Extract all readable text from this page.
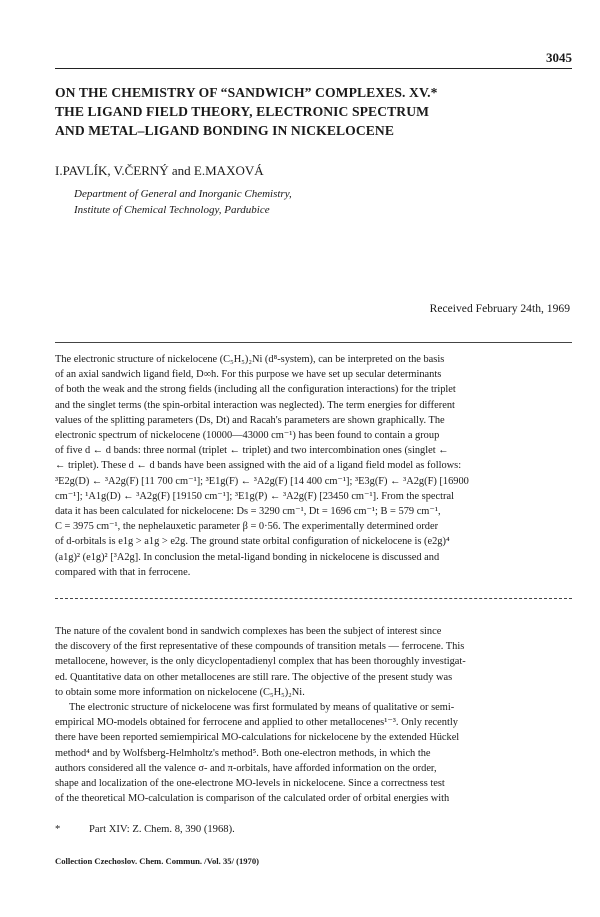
3045
ON THE CHEMISTRY OF “SANDWICH” COMPLEXES. XV.*
THE LIGAND FIELD THEORY, ELECTRONIC SPECTRUM
AND METAL–LIGAND BONDING IN NICKELOCENE
I.PAVLÍK, V.ČERNÝ and E.MAXOVÁ
Department of General and Inorganic Chemistry,
Institute of Chemical Technology, Pardubice
Received February 24th, 1969
The electronic structure of nickelocene (C₅H₅)₂Ni (d⁸-system), can be interpreted on the basis
of an axial sandwich ligand field, D∞h. For this purpose we have set up secular determinants
of both the weak and the strong fields (including all the configuration interactions) for the triplet
and the singlet terms (the spin-orbital interaction was neglected). The term energies for different
values of the splitting parameters (Ds, Dt) and Racah's parameters are shown graphically. The
electronic spectrum of nickelocene (10000—43000 cm⁻¹) has been found to contain a group
of five d ← d bands: three normal (triplet ← triplet) and two intercombination ones (singlet ←
← triplet). These d ← d bands have been assigned with the aid of a ligand field model as follows:
³E2g(D) ← ³A2g(F) [11 700 cm⁻¹]; ³E1g(F) ← ³A2g(F) [14 400 cm⁻¹]; ³E3g(F) ← ³A2g(F) [16900
cm⁻¹]; ¹A1g(D) ← ³A2g(F) [19150 cm⁻¹]; ³E1g(P) ← ³A2g(F) [23450 cm⁻¹]. From the spectral
data it has been calculated for nickelocene: Ds = 3290 cm⁻¹, Dt = 1696 cm⁻¹; B = 579 cm⁻¹,
C = 3975 cm⁻¹, the nephelauxetic parameter β = 0·56. The experimentally determined order
of d-orbitals is e1g > a1g > e2g. The ground state orbital configuration of nickelocene is (e2g)⁴
(a1g)² (e1g)² [³A2g]. In conclusion the metal-ligand bonding in nickelocene is discussed and
compared with that in ferrocene.
The nature of the covalent bond in sandwich complexes has been the subject of interest since
the discovery of the first representative of these compounds of transition metals — ferrocene. This
metallocene, however, is the only dicyclopentadienyl complex that has been thoroughly investigat-
ed. Quantitative data on other metallocenes are still rare. The objective of the present study was
to obtain some more information on nickelocene (C₅H₅)₂Ni.
The electronic structure of nickelocene was first formulated by means of qualitative or semi-
empirical MO-models obtained for ferrocene and applied to other metallocenes¹⁻³. Only recently
there have been reported semiempirical MO-calculations for nickelocene by the extended Hückel
method⁴ and by Wolfsberg-Helmholtz's method⁵. Both one-electron methods, in which the
authors considered all the valence σ- and π-orbitals, have afforded information on the order,
shape and localization of the one-electrone MO-levels in nickelocene. Since a correctness test
of the theoretical MO-calculation is comparison of the calculated order of orbital energies with
*	Part XIV: Z. Chem. 8, 390 (1968).
Collection Czechoslov. Chem. Commun. /Vol. 35/ (1970)
